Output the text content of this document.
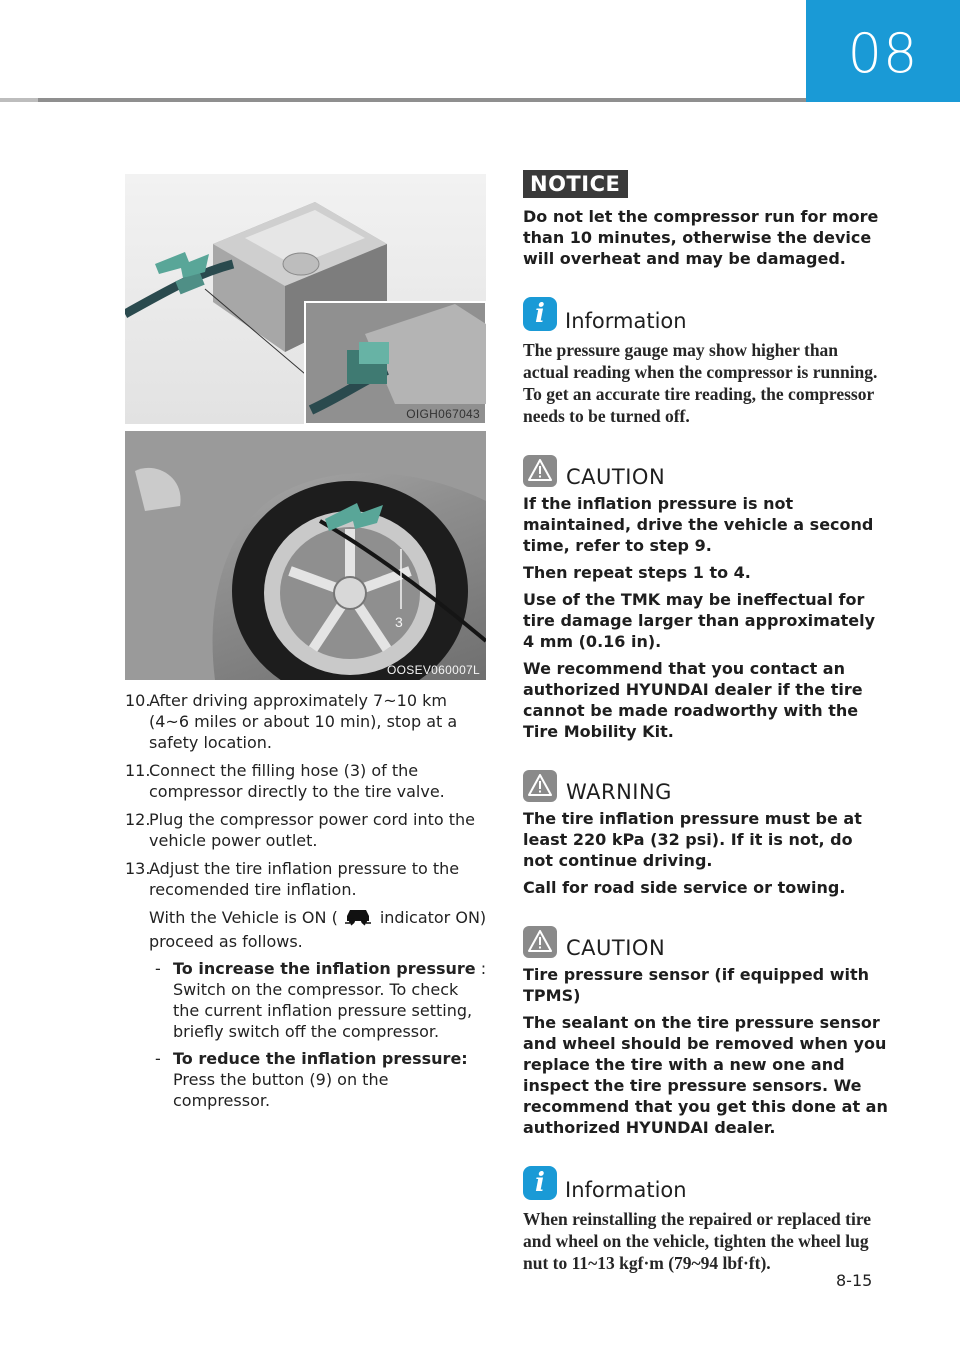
08
OIGH067043
3
OOSEV060007L
10.
After driving approximately 7~10 km (4~6 miles or about 10 min), stop at a safety location.
11.
Connect the filling hose (3) of the compressor directly to the tire valve.
12.
Plug the compressor power cord into the vehicle power outlet.
13.
Adjust the tire inflation pressure to the recomended tire inflation.
With the Vehicle is ON (	indicator ON) proceed as follows.
- To increase the inflation pressure : Switch on the compressor. To check the current inflation pressure setting, briefly switch off the compressor.
- To reduce the inflation pressure: Press the button (9) on the compressor.
NOTICE
Do not let the compressor run for more than 10 minutes, otherwise the device will overheat and may be damaged.
i Information
The pressure gauge may show higher than actual reading when the compressor is running. To get an accurate tire reading, the compressor needs to be turned off.
CAUTION
If the inflation pressure is not maintained, drive the vehicle a second time, refer to step 9.
Then repeat steps 1 to 4.
Use of the TMK may be ineffectual for tire damage larger than approximately 4 mm (0.16 in).
We recommend that you contact an authorized HYUNDAI dealer if the tire cannot be made roadworthy with the Tire Mobility Kit.
WARNING
The tire inflation pressure must be at least 220 kPa (32 psi). If it is not, do not continue driving.
Call for road side service or towing.
CAUTION
Tire pressure sensor (if equipped with TPMS)
The sealant on the tire pressure sensor and wheel should be removed when you replace the tire with a new one and inspect the tire pressure sensors. We recommend that you get this done at an authorized HYUNDAI dealer.
i Information
When reinstalling the repaired or replaced tire and wheel on the vehicle, tighten the wheel lug nut to 11~13 kgf·m (79~94 lbf·ft).
8-15
